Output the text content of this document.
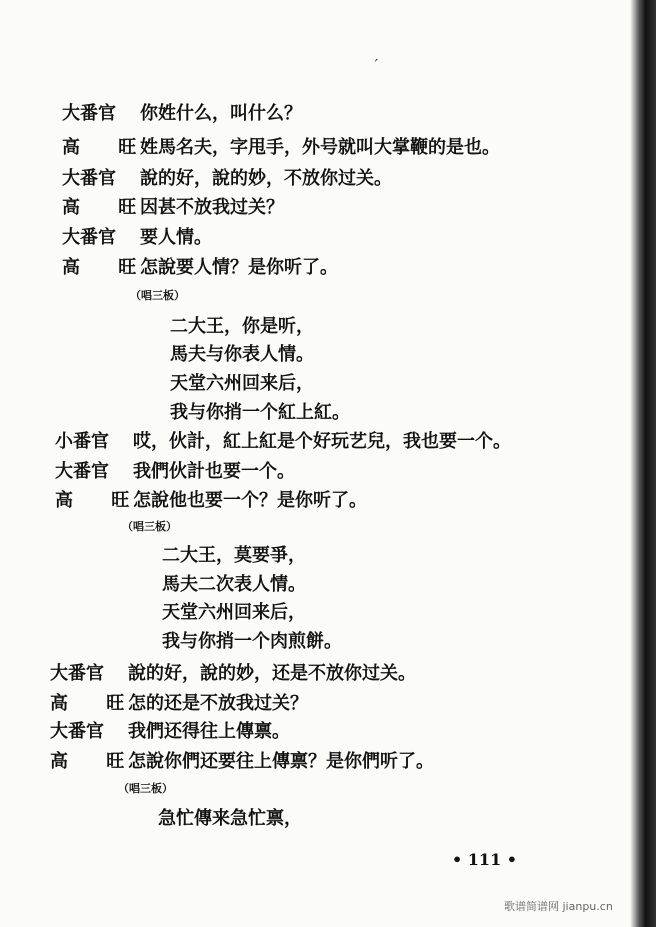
ˊ
大番官	你姓什么，叫什么？
高 旺
姓馬名夫，字甩手，外号就叫大掌鞭的是也。
大番官	說的好，說的妙，不放你过关。
高 旺
因甚不放我过关？
大番官	要人情。
高 旺
怎說要人情？是你听了。
（唱三板）
二大王，你是听，
馬夫与你表人情。
天堂六州回来后，
我与你捎一个紅上紅。
小番官	哎，伙計，紅上紅是个好玩艺兒，我也要一个。
大番官	我們伙計也要一个。
高 旺
怎說他也要一个？是你听了。
（唱三板）
二大王，莫要爭，
馬夫二次表人情。
天堂六州回来后，
我与你捎一个肉煎餅。
大番官	說的好，說的妙，还是不放你过关。
高 旺
怎的还是不放我过关？
大番官	我們还得往上傳禀。
高 旺
怎說你們还要往上傳禀？是你們听了。
（唱三板）
急忙傳来急忙禀，
• 111 •
歌谱简谱网 jianpu.cn
